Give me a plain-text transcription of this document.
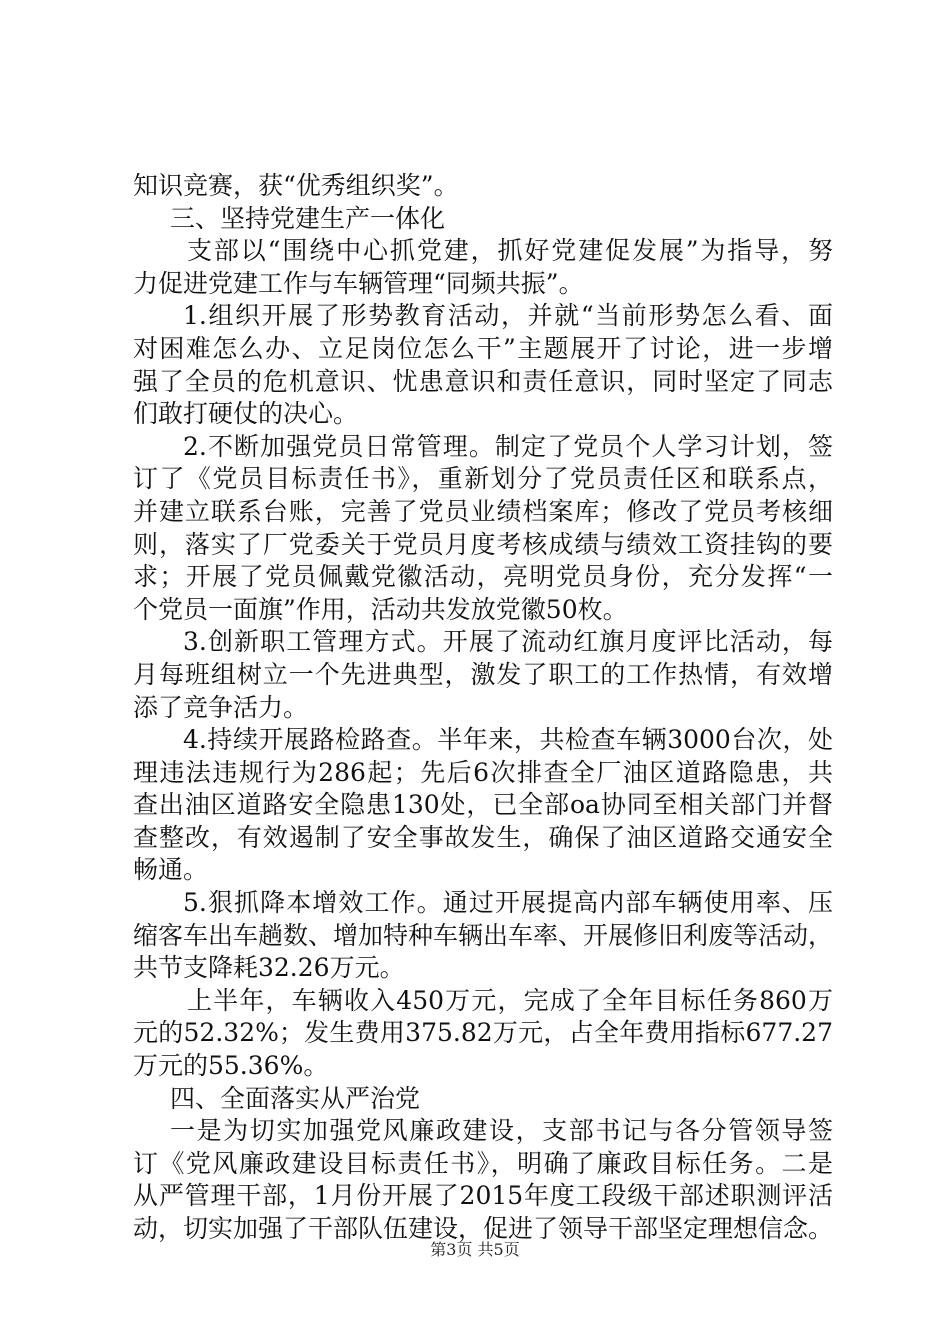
知识竞赛，获“优秀组织奖”。
三、坚持党建生产一体化
支部以“围绕中心抓党建，抓好党建促发展”为指导，努
力促进党建工作与车辆管理“同频共振”。
1.组织开展了形势教育活动，并就“当前形势怎么看、面
对困难怎么办、立足岗位怎么干”主题展开了讨论，进一步增
强了全员的危机意识、忧患意识和责任意识，同时坚定了同志
们敢打硬仗的决心。
2.不断加强党员日常管理。制定了党员个人学习计划，签
订了《党员目标责任书》，重新划分了党员责任区和联系点，
并建立联系台账，完善了党员业绩档案库；修改了党员考核细
则，落实了厂党委关于党员月度考核成绩与绩效工资挂钩的要
求；开展了党员佩戴党徽活动，亮明党员身份，充分发挥“一
个党员一面旗”作用，活动共发放党徽50枚。
3.创新职工管理方式。开展了流动红旗月度评比活动，每
月每班组树立一个先进典型，激发了职工的工作热情，有效增
添了竞争活力。
4.持续开展路检路查。半年来，共检查车辆3000台次，处
理违法违规行为286起；先后6次排查全厂油区道路隐患，共
查出油区道路安全隐患130处，已全部oa协同至相关部门并督
查整改，有效遏制了安全事故发生，确保了油区道路交通安全
畅通。
5.狠抓降本增效工作。通过开展提高内部车辆使用率、压
缩客车出车趟数、增加特种车辆出车率、开展修旧利废等活动，
共节支降耗32.26万元。
上半年，车辆收入450万元，完成了全年目标任务860万
元的52.32%；发生费用375.82万元，占全年费用指标677.27
万元的55.36%。
四、全面落实从严治党
一是为切实加强党风廉政建设，支部书记与各分管领导签
订《党风廉政建设目标责任书》，明确了廉政目标任务。二是
从严管理干部，1月份开展了2015年度工段级干部述职测评活
动，切实加强了干部队伍建设，促进了领导干部坚定理想信念。
第3页 共5页
